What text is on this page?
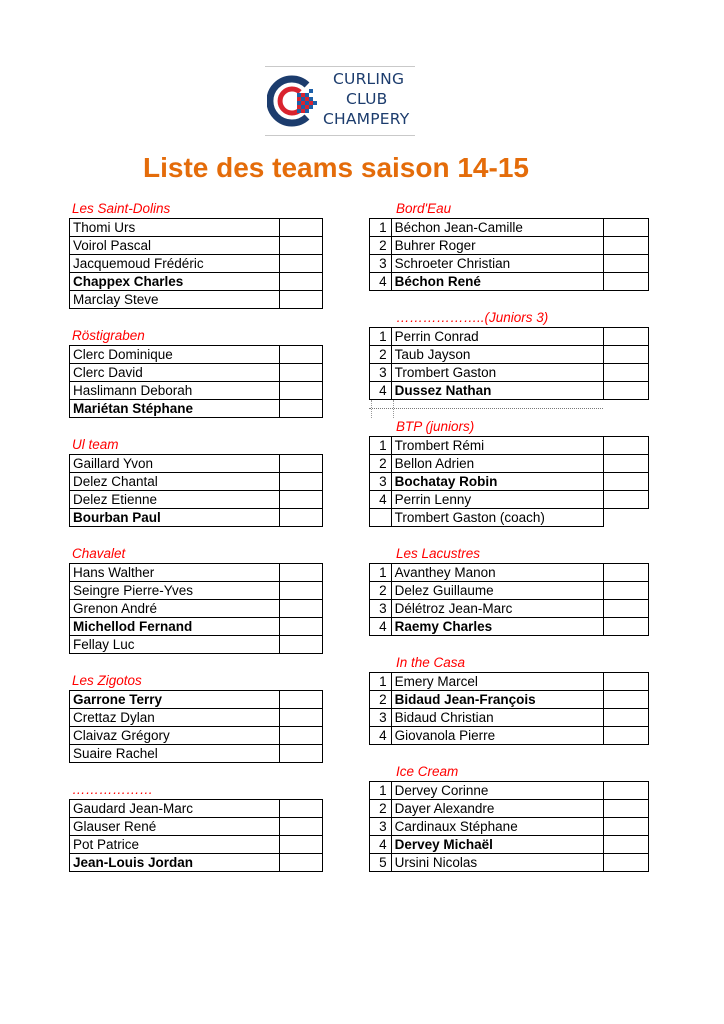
CURLING
CLUB
CHAMPERY
Liste des teams saison 14-15
Les Saint-Dolins
Thomi Urs	
Voirol Pascal	
Jacquemoud Frédéric	
Chappex Charles	
Marclay Steve	
Röstigraben
Clerc Dominique	
Clerc David	
Haslimann Deborah	
Mariétan Stéphane	
Ul team
Gaillard Yvon	
Delez Chantal	
Delez Etienne	
Bourban Paul	
Chavalet
Hans Walther	
Seingre Pierre-Yves	
Grenon André	
Michellod Fernand	
Fellay Luc	
Les Zigotos
Garrone Terry	
Crettaz Dylan	
Claivaz Grégory	
Suaire Rachel	
………………
Gaudard Jean-Marc	
Glauser René	
Pot Patrice	
Jean-Louis Jordan	
Bord'Eau
1	Béchon Jean-Camille	
2	Buhrer Roger	
3	Schroeter Christian	
4	Béchon René	
………………..(Juniors 3)
1	Perrin Conrad	
2	Taub Jayson	
3	Trombert Gaston	
4	Dussez Nathan	
BTP (juniors)
1	Trombert Rémi	
2	Bellon Adrien	
3	Bochatay Robin	
4	Perrin Lenny	
	Trombert Gaston (coach)	
Les Lacustres
1	Avanthey Manon	
2	Delez Guillaume	
3	Délétroz Jean-Marc	
4	Raemy Charles	
In the Casa
1	Emery Marcel	
2	Bidaud Jean-François	
3	Bidaud Christian	
4	Giovanola Pierre	
Ice Cream
1	Dervey Corinne	
2	Dayer Alexandre	
3	Cardinaux Stéphane	
4	Dervey Michaël	
5	Ursini Nicolas	
